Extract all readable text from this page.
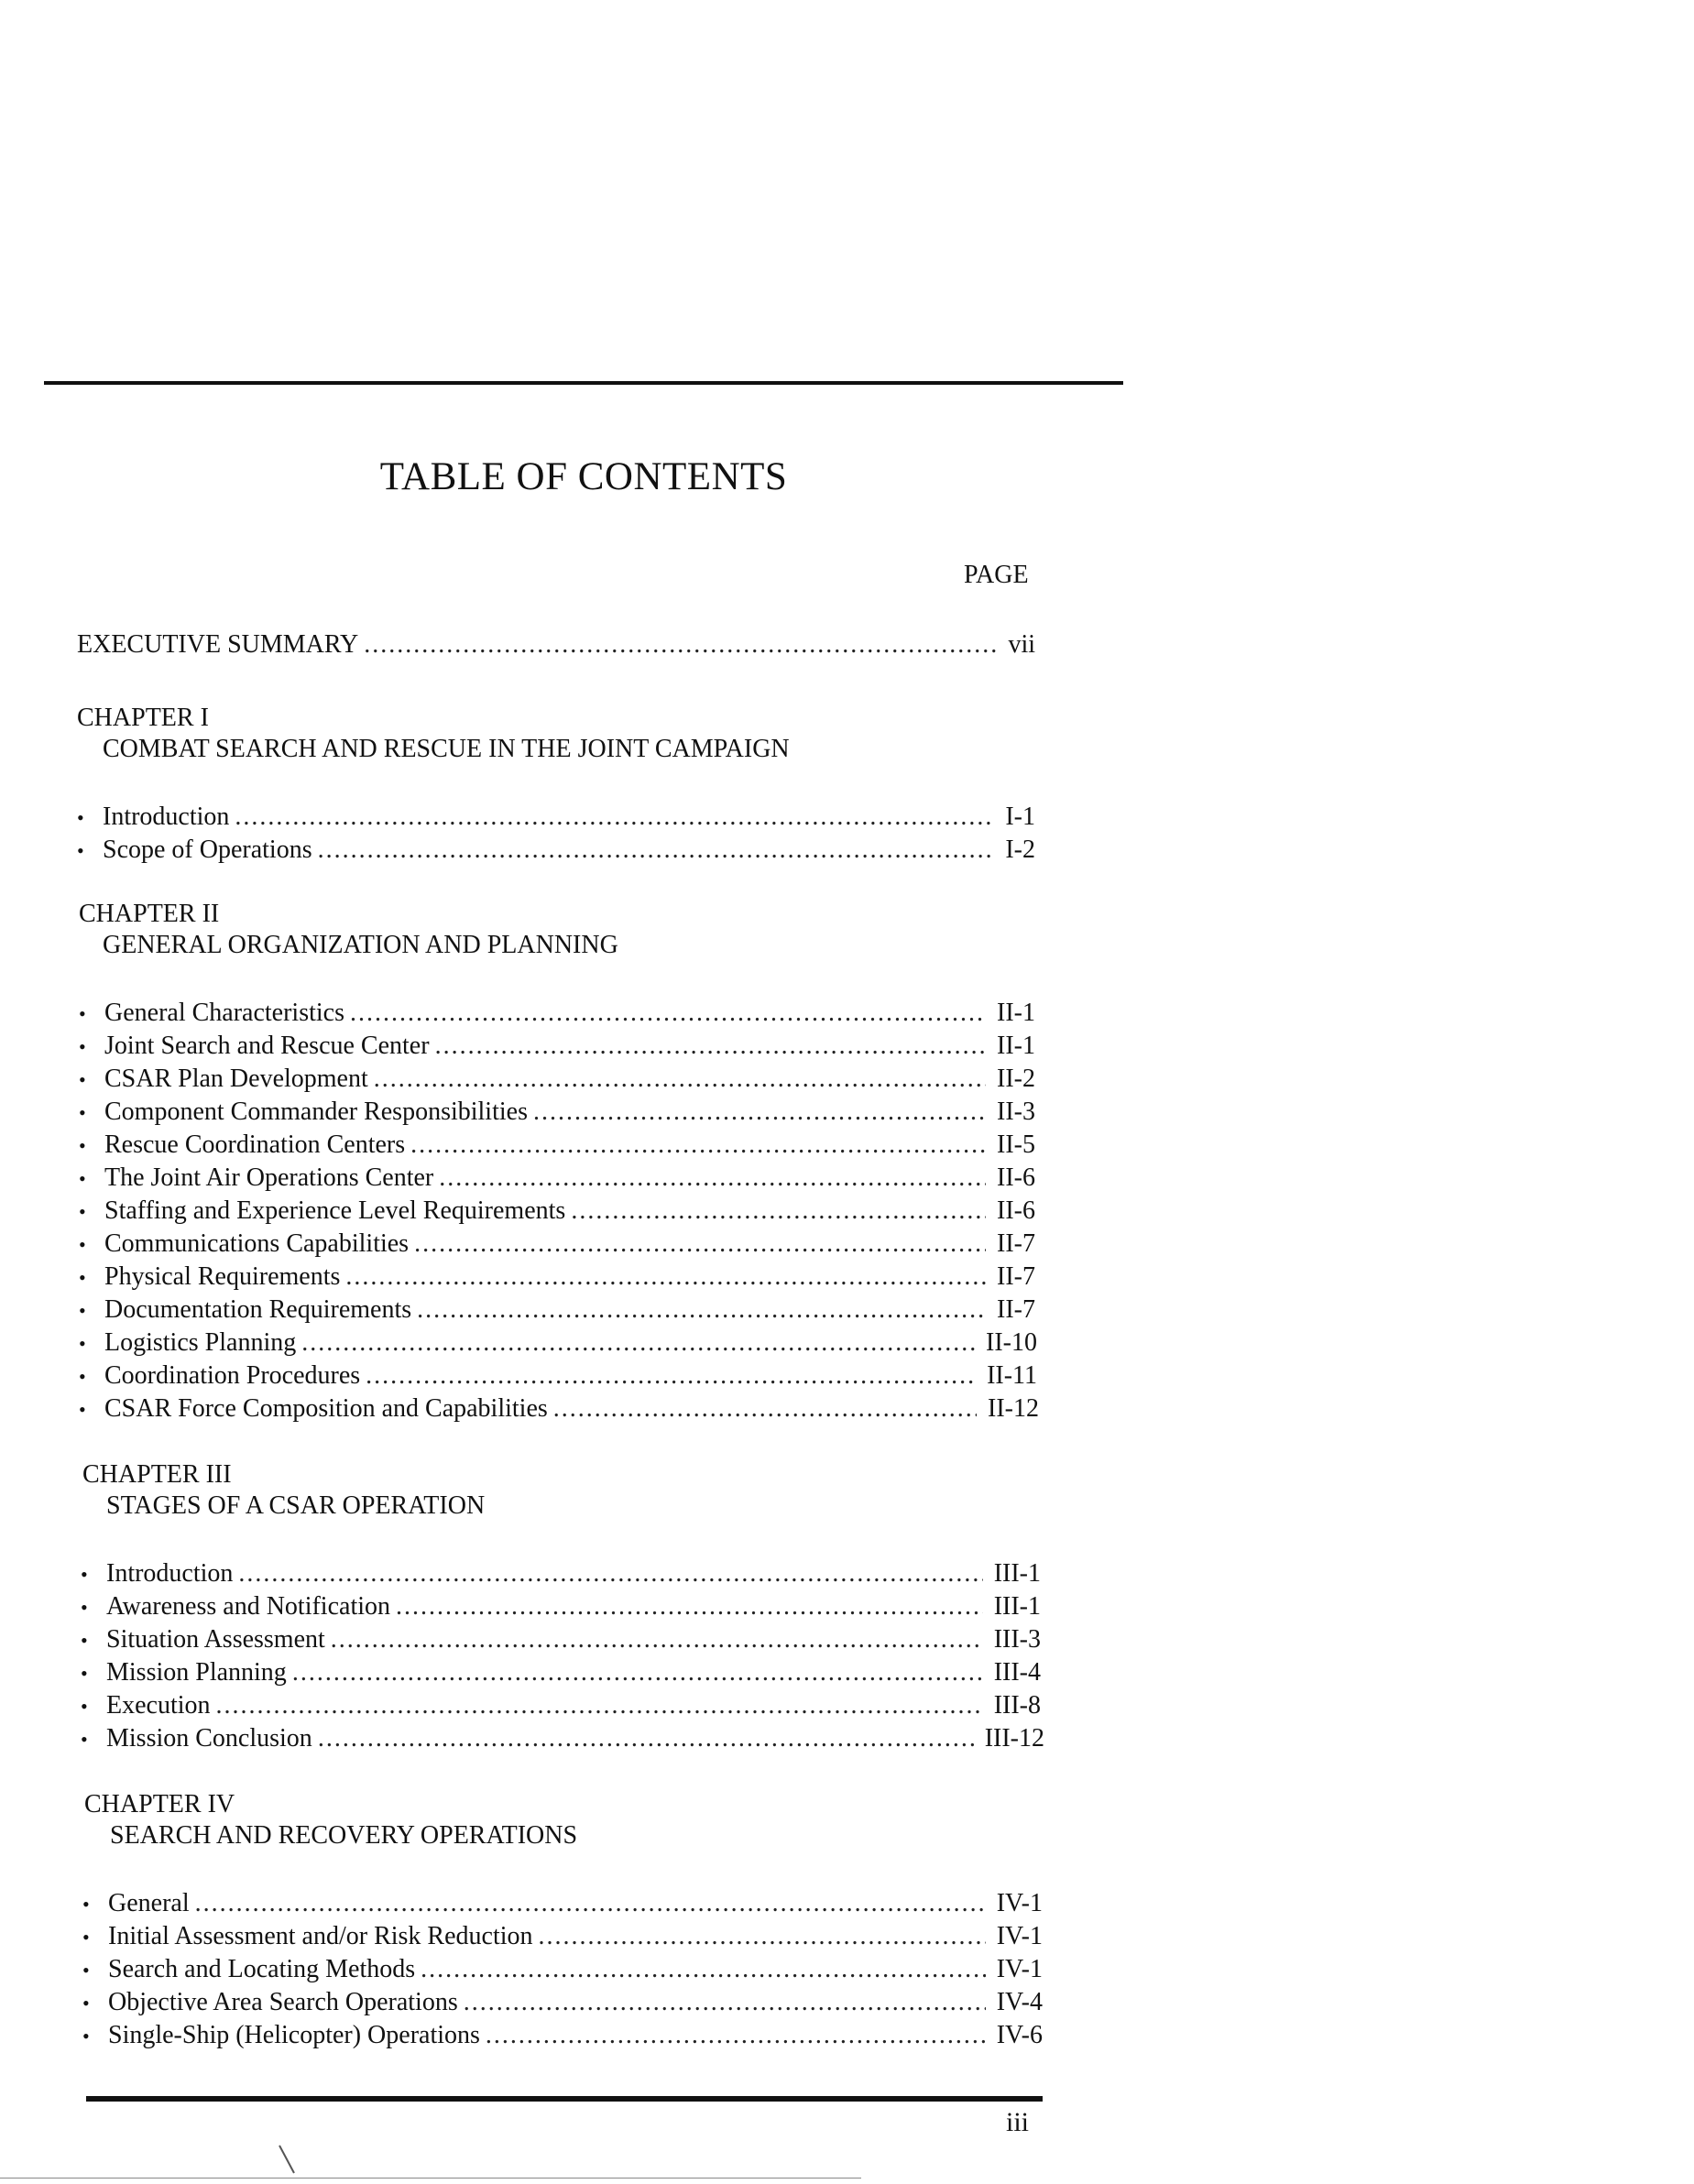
TABLE OF CONTENTS
PAGE
EXECUTIVE SUMMARY .....	vii
CHAPTER I
COMBAT SEARCH AND RESCUE IN THE JOINT CAMPAIGN
• Introduction .....	I-1
• Scope of Operations .....	I-2
CHAPTER II
GENERAL ORGANIZATION AND PLANNING
• General Characteristics .....	II-1
• Joint Search and Rescue Center .....	II-1
• CSAR Plan Development .....	II-2
• Component Commander Responsibilities .....	II-3
• Rescue Coordination Centers .....	II-5
• The Joint Air Operations Center .....	II-6
• Staffing and Experience Level Requirements .....	II-6
• Communications Capabilities .....	II-7
• Physical Requirements .....	II-7
• Documentation Requirements .....	II-7
• Logistics Planning .....	II-10
• Coordination Procedures .....	II-11
• CSAR Force Composition and Capabilities .....	II-12
CHAPTER III
STAGES OF A CSAR OPERATION
• Introduction .....	III-1
• Awareness and Notification .....	III-1
• Situation Assessment .....	III-3
• Mission Planning .....	III-4
• Execution .....	III-8
• Mission Conclusion .....	III-12
CHAPTER IV
SEARCH AND RECOVERY OPERATIONS
• General .....	IV-1
• Initial Assessment and/or Risk Reduction .....	IV-1
• Search and Locating Methods .....	IV-1
• Objective Area Search Operations .....	IV-4
• Single-Ship (Helicopter) Operations .....	IV-6
iii
